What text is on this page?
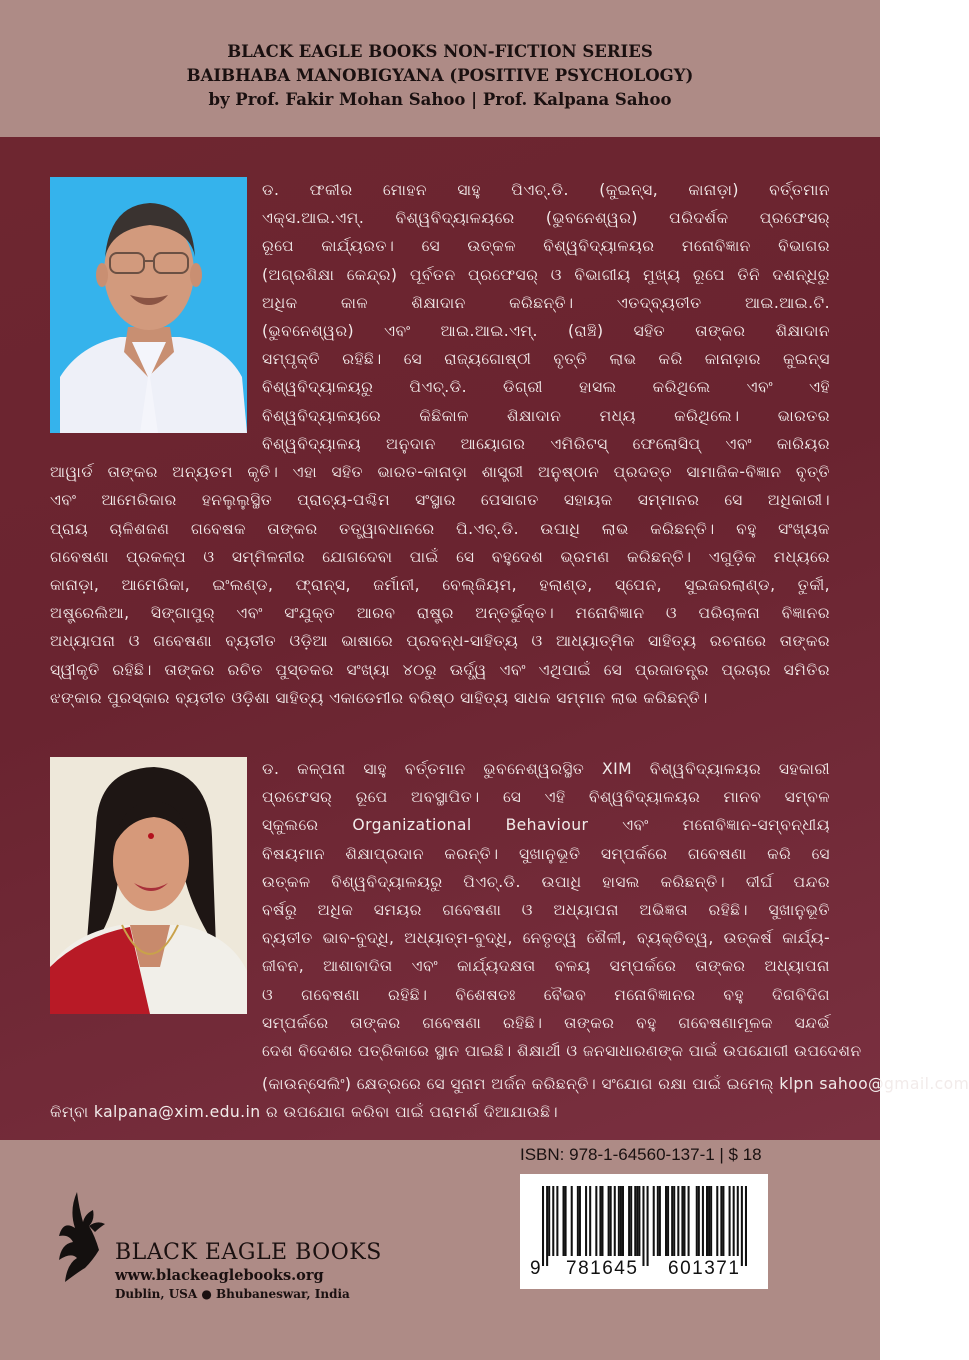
BLACK EAGLE BOOKS NON-FICTION SERIES
BAIBHABA MANOBIGYANA (POSITIVE PSYCHOLOGY)
by Prof. Fakir Mohan Sahoo | Prof. Kalpana Sahoo
ଡ. ଫକୀର ମୋହନ ସାହୁ ପିଏଚ୍.ଡି. (କୁଇନ୍ସ, କାନାଡ଼ା) ବର୍ତ୍ତମାନ
ଏକ୍ସ.ଆଇ.ଏମ୍. ବିଶ୍ୱବିଦ୍ୟାଳୟରେ (ଭୁବନେଶ୍ୱର) ପରିଦର୍ଶକ ପ୍ରଫେସର୍
ରୂପେ କାର୍ଯ୍ୟରତ। ସେ ଉତ୍କଳ ବିଶ୍ୱବିଦ୍ୟାଳୟର ମନୋବିଜ୍ଞାନ ବିଭାଗର
(ଅଗ୍ରଶିକ୍ଷା କେନ୍ଦ୍ର) ପୂର୍ବତନ ପ୍ରଫେସର୍ ଓ ବିଭାଗୀୟ ମୁଖ୍ୟ ରୂପେ ତିନି ଦଶନ୍ଧିରୁ
ଅଧିକ କାଳ ଶିକ୍ଷାଦାନ କରିଛନ୍ତି। ଏତଦ୍‌ବ୍ୟତୀତ ଆଇ.ଆଇ.ଟି.
(ଭୁବନେଶ୍ୱର) ଏବଂ ଆଇ.ଆଇ.ଏମ୍. (ରାଞ୍ଚି) ସହିତ ତାଙ୍କର ଶିକ୍ଷାଦାନ
ସମ୍ପୃକ୍ତି ରହିଛି। ସେ ରାଜ୍ୟଗୋଷ୍ଠୀ ବୃତ୍ତି ଲାଭ କରି କାନାଡ଼ାର କୁଇନ୍ସ
ବିଶ୍ୱବିଦ୍ୟାଳୟରୁ ପିଏଚ୍.ଡି. ଡିଗ୍ରୀ ହାସଲ କରିଥିଲେ ଏବଂ ଏହି
ବିଶ୍ୱବିଦ୍ୟାଳୟରେ କିଛିକାଳ ଶିକ୍ଷାଦାନ ମଧ୍ୟ କରିଥିଲେ। ଭାରତର
ବିଶ୍ୱବିଦ୍ୟାଳୟ ଅନୁଦାନ ଆୟୋଗର ଏମିରିଟସ୍ ଫେଲୋସିପ୍ ଏବଂ କାରିୟର
ଆୱାର୍ଡ ତାଙ୍କର ଅନ୍ୟତମ କୃତି। ଏହା ସହିତ ଭାରତ-କାନାଡ଼ା ଶାସ୍ତ୍ରୀ ଅନୁଷ୍ଠାନ ପ୍ରଦତ୍ତ ସାମାଜିକ-ବିଜ୍ଞାନ ବୃତ୍ତି
ଏବଂ ଆମେରିକାର ହନଲୁଲୁସ୍ଥିତ ପ୍ରାଚ୍ୟ-ପଶ୍ଚିମ ସଂସ୍ଥାର ପେସାଗତ ସହାୟକ ସମ୍ମାନର ସେ ଅଧିକାରୀ।
ପ୍ରାୟ ଚାଳିଶଜଣ ଗବେଷକ ତାଙ୍କର ତତ୍ତ୍ୱାବଧାନରେ ପି.ଏଚ୍.ଡି. ଉପାଧି ଲାଭ କରିଛନ୍ତି। ବହୁ ସଂଖ୍ୟକ
ଗବେଷଣା ପ୍ରକଳ୍ପ ଓ ସମ୍ମିଳନୀର ଯୋଗଦେବା ପାଇଁ ସେ ବହୁଦେଶ ଭ୍ରମଣ କରିଛନ୍ତି। ଏଗୁଡ଼ିକ ମଧ୍ୟରେ
କାନାଡ଼ା, ଆମେରିକା, ଇଂଲଣ୍ଡ, ଫ୍ରାନ୍ସ, ଜର୍ମାନୀ, ବେଲ୍‌ଜିୟମ, ହଲାଣ୍ଡ, ସ୍ପେନ, ସୁଇଜରଲାଣ୍ଡ, ତୁର୍କୀ,
ଅଷ୍ଟ୍ରେଲିଆ, ସିଙ୍ଗାପୁର୍ ଏବଂ ସଂଯୁକ୍ତ ଆରବ ରାଷ୍ଟ୍ର ଅନ୍ତର୍ଭୁକ୍ତ। ମନୋବିଜ୍ଞାନ ଓ ପରିଚାଳନା ବିଜ୍ଞାନର
ଅଧ୍ୟାପନା ଓ ଗବେଷଣା ବ୍ୟତୀତ ଓଡ଼ିଆ ଭାଷାରେ ପ୍ରବନ୍ଧ-ସାହିତ୍ୟ ଓ ଆଧ୍ୟାତ୍ମିକ ସାହିତ୍ୟ ରଚନାରେ ତାଙ୍କର
ସ୍ୱୀକୃତି ରହିଛି। ତାଙ୍କର ରଚିତ ପୁସ୍ତକର ସଂଖ୍ୟା ୪୦ରୁ ଊର୍ଦ୍ଧ୍ୱ ଏବଂ ଏଥିପାଇଁ ସେ ପ୍ରଜାତନ୍ତ୍ର ପ୍ରଚାର ସମିତିର
ଝଙ୍କାର ପୁରସ୍କାର ବ୍ୟତୀତ ଓଡ଼ିଶା ସାହିତ୍ୟ ଏକାଡେମୀର ବରିଷ୍ଠ ସାହିତ୍ୟ ସାଧକ ସମ୍ମାନ ଲାଭ କରିଛନ୍ତି।
ଡ. କଳ୍ପନା ସାହୁ ବର୍ତ୍ତମାନ ଭୁବନେଶ୍ୱରସ୍ଥିତ XIM ବିଶ୍ୱବିଦ୍ୟାଳୟର ସହକାରୀ
ପ୍ରଫେସର୍ ରୂପେ ଅବସ୍ଥାପିତ। ସେ ଏହି ବିଶ୍ୱବିଦ୍ୟାଳୟର ମାନବ ସମ୍ବଳ
ସ୍କୁଲରେ Organizational Behaviour ଏବଂ ମନୋବିଜ୍ଞାନ-ସମ୍ବନ୍ଧୀୟ
ବିଷୟମାନ ଶିକ୍ଷାପ୍ରଦାନ କରନ୍ତି। ସୁଖାନୁଭୂତି ସମ୍ପର୍କରେ ଗବେଷଣା କରି ସେ
ଉତ୍କଳ ବିଶ୍ୱବିଦ୍ୟାଳୟରୁ ପିଏଚ୍.ଡି. ଉପାଧି ହାସଲ କରିଛନ୍ତି। ଦୀର୍ଘ ପନ୍ଦର
ବର୍ଷରୁ ଅଧିକ ସମୟର ଗବେଷଣା ଓ ଅଧ୍ୟାପନା ଅଭିଜ୍ଞତା ରହିଛି। ସୁଖାନୁଭୂତି
ବ୍ୟତୀତ ଭାବ-ବୁଦ୍ଧି, ଅଧ୍ୟାତ୍ମ-ବୁଦ୍ଧି, ନେତୃତ୍ୱ ଶୈଳୀ, ବ୍ୟକ୍ତିତ୍ୱ, ଉତ୍କର୍ଷ କାର୍ଯ୍ୟ-
ଜୀବନ, ଆଶାବାଦିତା ଏବଂ କାର୍ଯ୍ୟଦକ୍ଷତା ବଳୟ ସମ୍ପର୍କରେ ତାଙ୍କର ଅଧ୍ୟାପନା
ଓ ଗବେଷଣା ରହିଛି। ବିଶେଷତଃ ବୈଭବ ମନୋବିଜ୍ଞାନର ବହୁ ଦିଗବିଦିଗ
ସମ୍ପର୍କରେ ତାଙ୍କର ଗବେଷଣା ରହିଛି। ତାଙ୍କର ବହୁ ଗବେଷଣାମୂଳକ ସନ୍ଦର୍ଭ
ଦେଶ ବିଦେଶର ପତ୍ରିକାରେ ସ୍ଥାନ ପାଇଛି। ଶିକ୍ଷାର୍ଥୀ ଓ ଜନସାଧାରଣଙ୍କ ପାଇଁ ଉପଯୋଗୀ ଉପଦେଶନ
(କାଉନ୍‌ସେଲିଂ) କ୍ଷେତ୍ରରେ ସେ ସୁନାମ ଅର୍ଜନ କରିଛନ୍ତି। ସଂଯୋଗ ରକ୍ଷା ପାଇଁ ଇମେଲ୍ klpn sahoo@gmail.com
କିମ୍ବା kalpana@xim.edu.in ର ଉପଯୋଗ କରିବା ପାଇଁ ପରାମର୍ଶ ଦିଆଯାଉଛି।
BLACK EAGLE BOOKS
www.blackeaglebooks.org
Dublin, USA ● Bhubaneswar, India
ISBN: 978-1-64560-137-1 | $ 18
9 781645 601371
